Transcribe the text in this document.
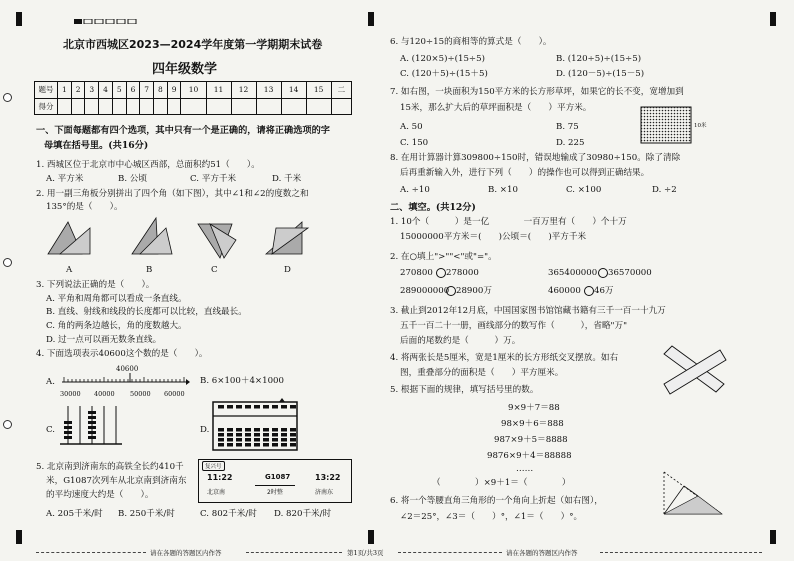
北京市西城区2023—2024学年度第一学期期末试卷
四年级数学
题号	1	2	3	4	5	6	7	8	9	10	11	12	13	14	15	二
得分																
一、下面每题都有四个选项，其中只有一个是正确的，请将正确选项的字
母填在括号里。(共16分)
1. 西城区位于北京市中心城区西部，总面积约51（　　）。
A. 平方米	B. 公顷	C. 平方千米	D. 千米
2. 用一副三角板分别拼出了四个角（如下图），其中∠1和∠2的度数之和
135°的是（　　）。
A	B	C	D
3. 下列说法正确的是（　　）。
A. 平角和周角都可以看成一条直线。
B. 直线、射线和线段的长度都可以比较，直线最长。
C. 角的两条边越长，角的度数越大。
D. 过一点可以画无数条直线。
4. 下面选项表示40600这个数的是（　　）。
A.
40600
30000 40000 50000 60000
B. 6×100＋4×1000
C.	D.
5. 北京南到济南东的高铁全长约410千
米，G1087次列车从北京南到济南东
的平均速度大约是（　　）。
复兴号
11:22	G1087	13:22
北京南	2时整	济南东
A. 205千米/时 B. 250千米/时	C. 802千米/时 D. 820千米/时
6. 与120÷15的商相等的算式是（　　）。
A. (120×5)÷(15÷5)	B. (120÷5)÷(15÷5)
C. (120＋5)÷(15＋5)	D. (120－5)÷(15－5)
7. 如右图，一块面积为150平方米的长方形草坪，如果它的长不变，宽增加到
15米，那么扩大后的草坪面积是（　　）平方米。
A. 50	B. 75
C. 150	D. 225
10米
8. 在用计算器计算309800÷150时，错误地输成了30980÷150。除了清除
后再重新输入外，进行下列（　　）的操作也可以得到正确结果。
A. ÷10	B. ×10	C. ×100	D. ÷2
二、填空。(共12分)
1. 10个（　　　）是一亿　　　　一百万里有（　　）个十万
15000000平方米＝(　　)公顷＝(　　)平方千米
2. 在○填上">""<"或"="。
270800 278000	365400000 36570000
289000000 28900万	460000 46万
3. 截止到2012年12月底，中国国家图书馆馆藏书籍有三千一百一十九万
五千一百二十一册，画线部分的数写作（　　　），省略"万"
后面的尾数约是（　　　）万。
4. 将两张长是5厘米，宽是1厘米的长方形纸交叉摆放。如右
图，重叠部分的面积是（　　）平方厘米。
5. 根据下面的规律，填写括号里的数。
9×9＋7＝88
98×9＋6＝888
987×9＋5＝8888
9876×9＋4＝88888
……
（　　　　）×9＋1＝（　　　　）
6. 将一个等腰直角三角形的一个角向上折起（如右图），
∠2＝25°，∠3＝（　　）°，∠1＝（　　）°。
请在各题的答题区内作答	第1页/共3页	请在各题的答题区内作答
